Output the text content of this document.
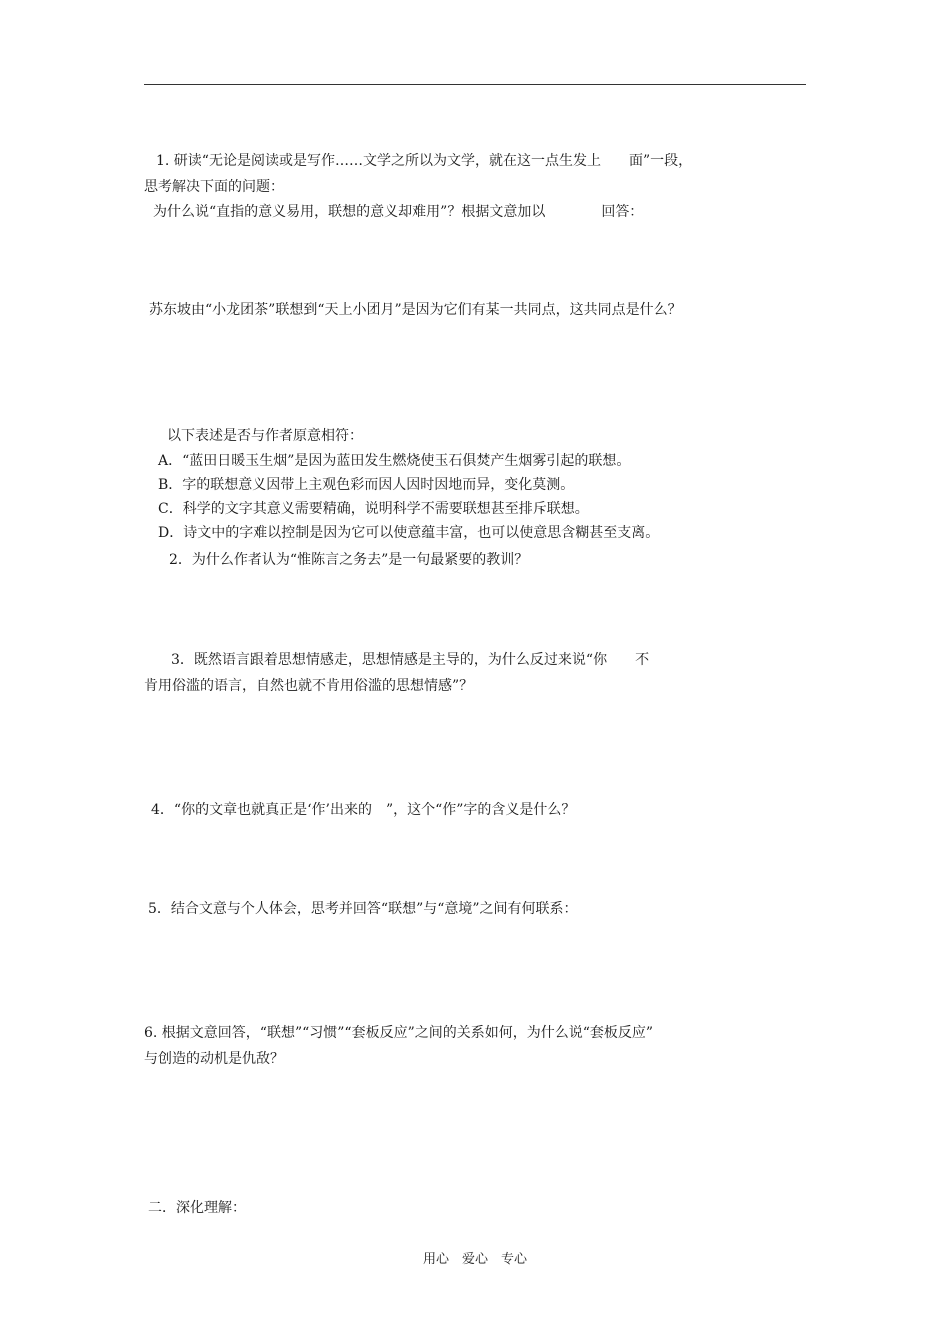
1. 研读“无论是阅读或是写作……文学之所以为文学，就在这一点生发上　　面”一段，
思考解决下面的问题：
为什么说“直指的意义易用，联想的意义却难用”？根据文意加以　　　　回答：
苏东坡由“小龙团茶”联想到“天上小团月”是因为它们有某一共同点，这共同点是什么？
以下表述是否与作者原意相符：
A．“蓝田日暖玉生烟”是因为蓝田发生燃烧使玉石俱焚产生烟雾引起的联想。
B．字的联想意义因带上主观色彩而因人因时因地而异，变化莫测。
C．科学的文字其意义需要精确，说明科学不需要联想甚至排斥联想。
D．诗文中的字难以控制是因为它可以使意蕴丰富，也可以使意思含糊甚至支离。
2．为什么作者认为“惟陈言之务去”是一句最紧要的教训？
3．既然语言跟着思想情感走，思想情感是主导的，为什么反过来说“你　　不
肯用俗滥的语言，自然也就不肯用俗滥的思想情感”？
4．“你的文章也就真正是‘作’出来的　”，这个“作”字的含义是什么？
5．结合文意与个人体会，思考并回答“联想”与“意境”之间有何联系：
6. 根据文意回答，“联想”“习惯”“套板反应”之间的关系如何，为什么说“套板反应”
与创造的动机是仇敌？
二．深化理解：
用心　爱心　专心
